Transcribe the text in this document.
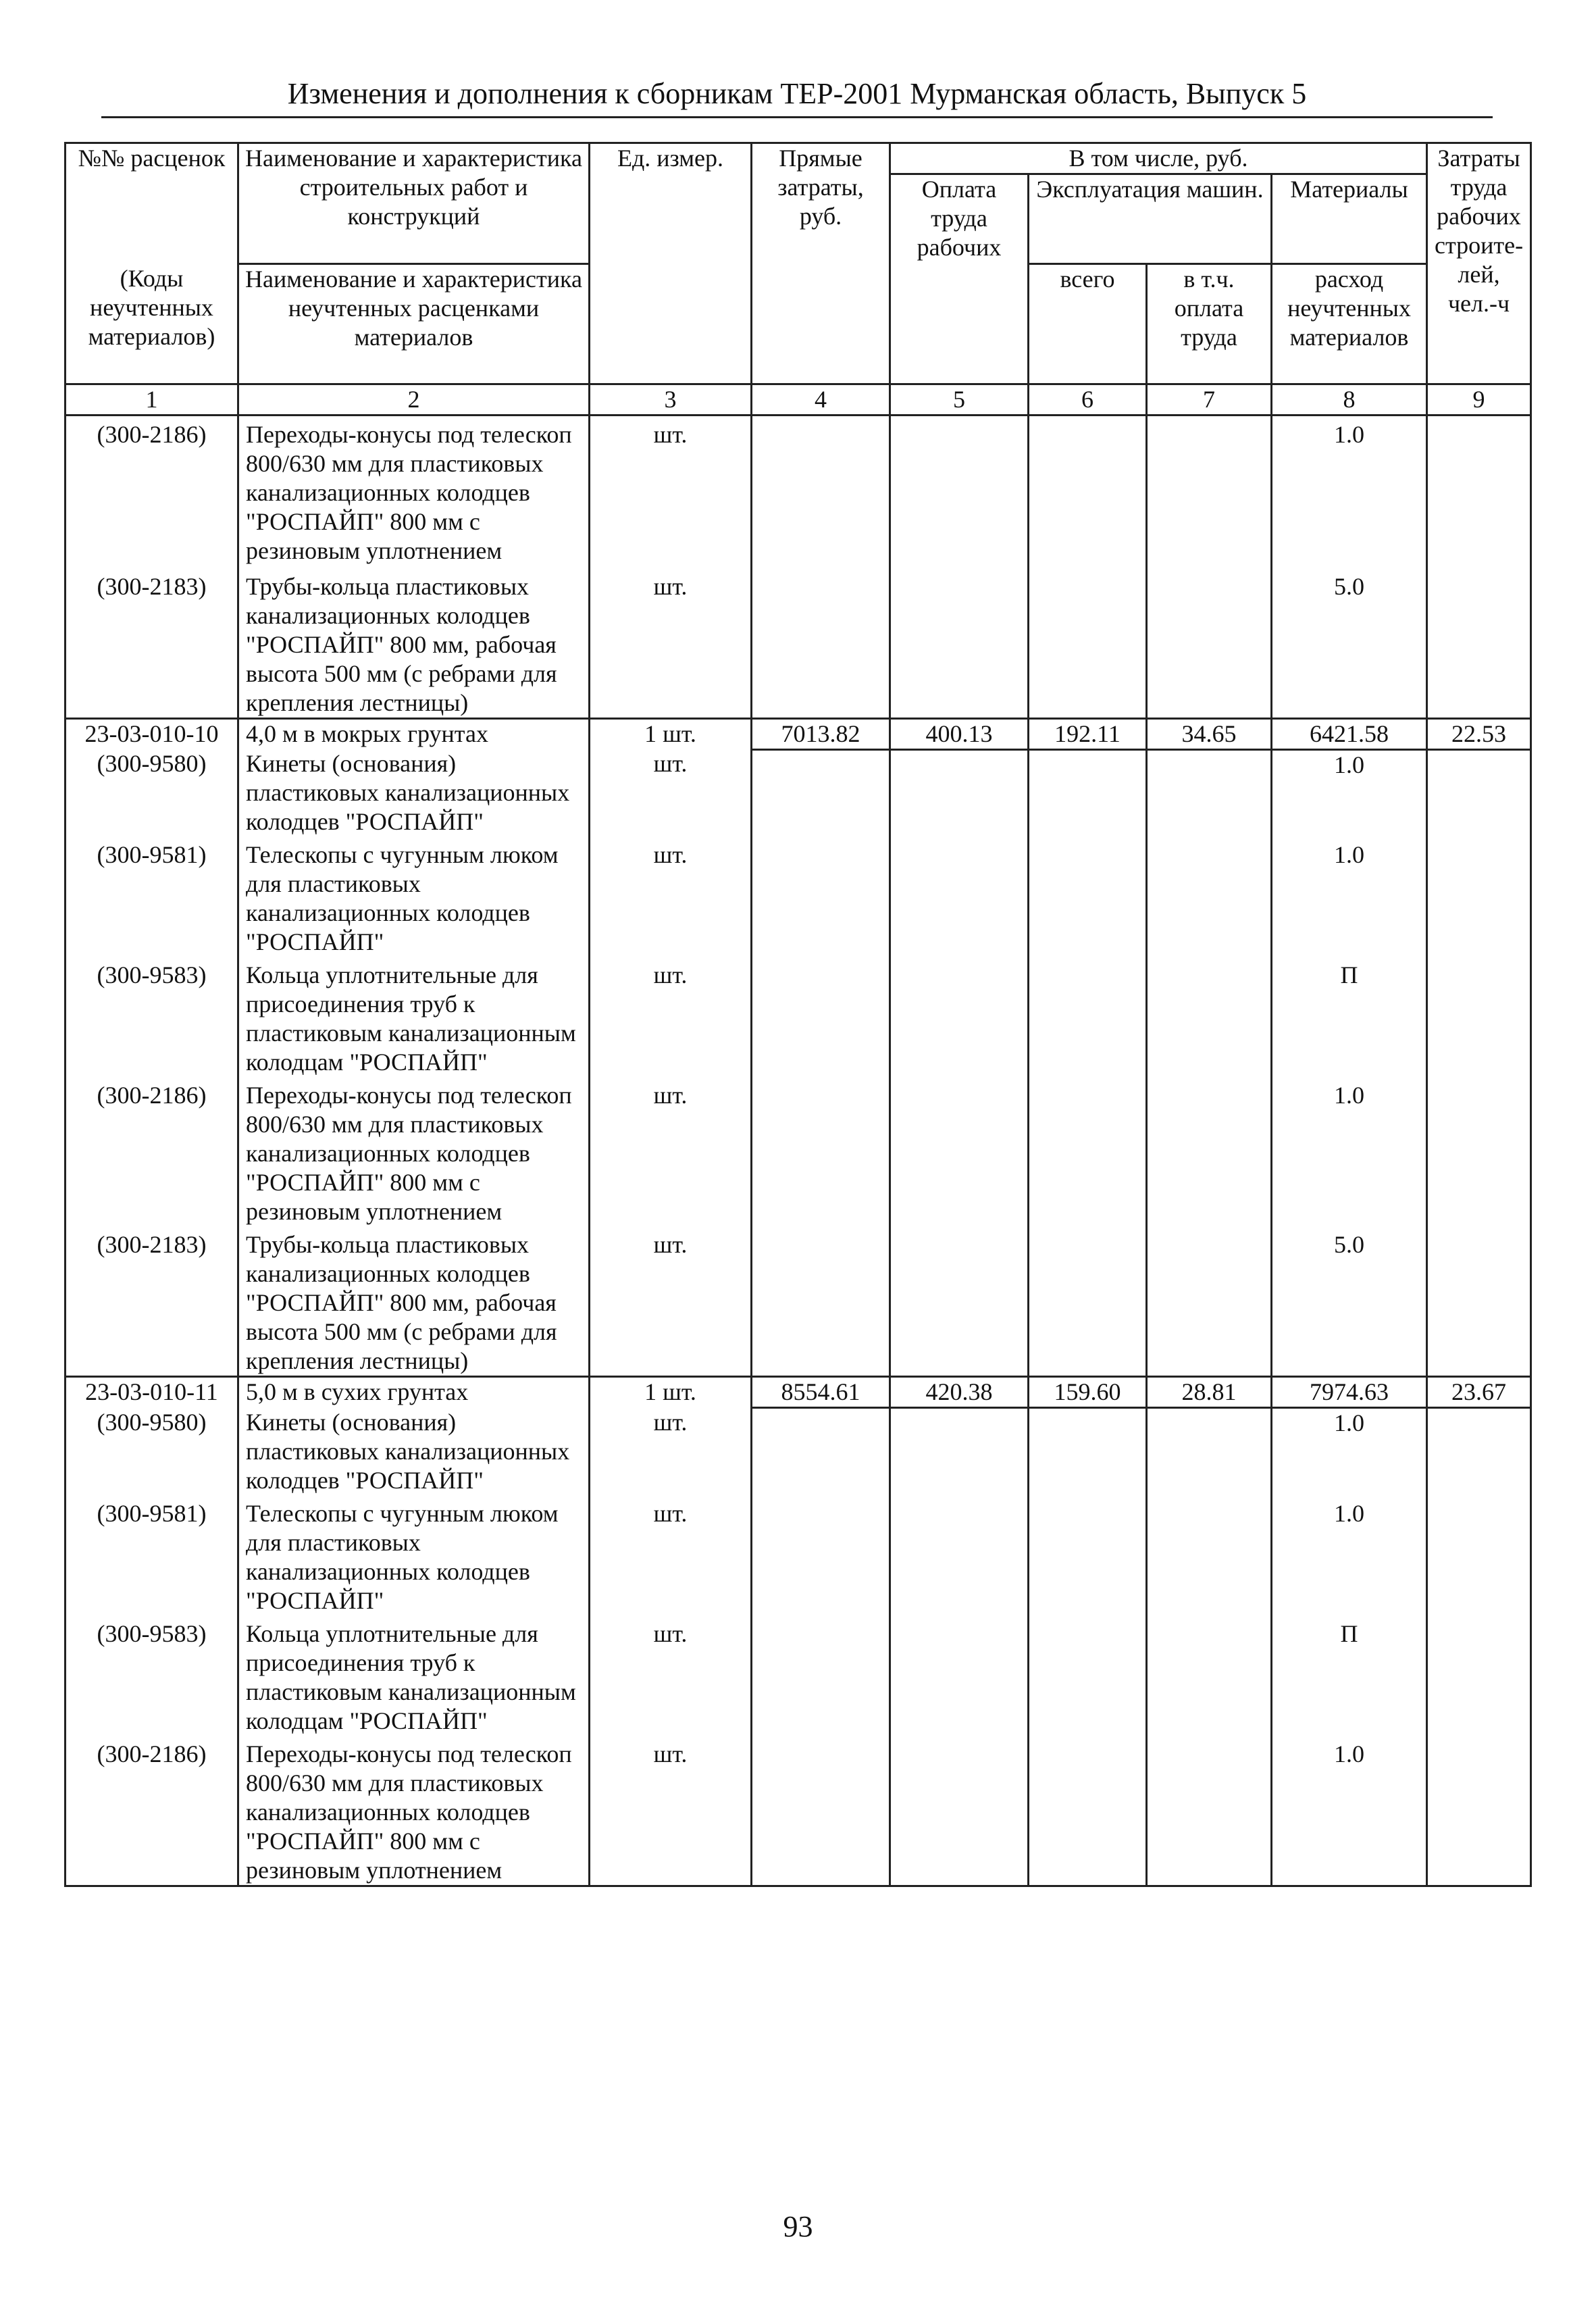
Изменения и дополнения к сборникам ТЕР-2001 Мурманская область, Выпуск 5
№№ расценок	Наименование и характеристика строительных работ и конструкций	Ед. измер.	Прямые затраты, руб.	В том числе, руб.				Затраты труда рабочих строите-лей, чел.-ч
				Оплата труда рабочих	Эксплуатация машин.		Материалы	
(Коды неучтенных материалов)	Наименование и характеристика неучтенных расценками материалов				всего	в т.ч. оплата труда	расход неучтенных материалов	

1	2	3	4	5	6	7	8	9
(300-2186)	Переходы-конусы под телескоп 800/630 мм для пластиковых канализационных колодцев "РОСПАЙП" 800 мм с резиновым уплотнением	шт.					1.0	
(300-2183)	Трубы-кольца пластиковых канализационных колодцев "РОСПАЙП" 800 мм, рабочая высота 500 мм (с ребрами для крепления лестницы)	шт.					5.0	
23-03-010-10	4,0 м в мокрых грунтах	1 шт.	7013.82	400.13	192.11	34.65	6421.58	22.53
(300-9580)	Кинеты (основания) пластиковых канализационных колодцев "РОСПАЙП"	шт.					1.0	
(300-9581)	Телескопы с чугунным люком для пластиковых канализационных колодцев "РОСПАЙП"	шт.					1.0	
(300-9583)	Кольца уплотнительные для присоединения труб к пластиковым канализационным колодцам "РОСПАЙП"	шт.					П	
(300-2186)	Переходы-конусы под телескоп 800/630 мм для пластиковых канализационных колодцев "РОСПАЙП" 800 мм с резиновым уплотнением	шт.					1.0	
(300-2183)	Трубы-кольца пластиковых канализационных колодцев "РОСПАЙП" 800 мм, рабочая высота 500 мм (с ребрами для крепления лестницы)	шт.					5.0	
23-03-010-11	5,0 м в сухих грунтах	1 шт.	8554.61	420.38	159.60	28.81	7974.63	23.67
(300-9580)	Кинеты (основания) пластиковых канализационных колодцев "РОСПАЙП"	шт.					1.0	
(300-9581)	Телескопы с чугунным люком для пластиковых канализационных колодцев "РОСПАЙП"	шт.					1.0	
(300-9583)	Кольца уплотнительные для присоединения труб к пластиковым канализационным колодцам "РОСПАЙП"	шт.					П	
(300-2186)	Переходы-конусы под телескоп 800/630 мм для пластиковых канализационных колодцев "РОСПАЙП" 800 мм с резиновым уплотнением	шт.					1.0	
93
